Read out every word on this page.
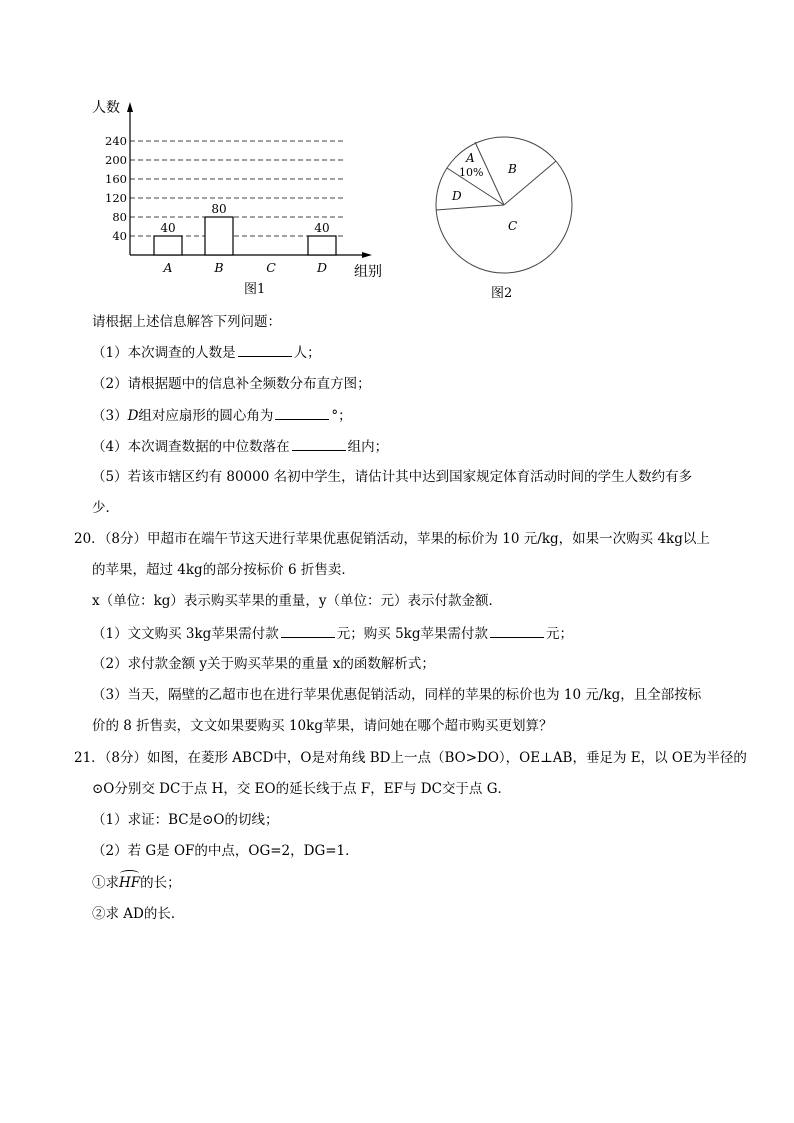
40
80
120
160
200
240
人数
组别
40
A
80
B	C
40
D
图1
A
10% B
C
D
图2
请根据上述信息解答下列问题：
（1）本次调查的人数是	人；
（2）请根据题中的信息补全频数分布直方图；
（3）D组对应扇形的圆心角为	°；
（4）本次调查数据的中位数落在	组内；
（5）若该市辖区约有 80000 名初中学生，请估计其中达到国家规定体育活动时间的学生人数约有多
少．
20．（8分）甲超市在端午节这天进行苹果优惠促销活动，苹果的标价为 10 元/kg，如果一次购买 4kg以上
的苹果，超过 4kg的部分按标价 6 折售卖．
x（单位：kg）表示购买苹果的重量，y（单位：元）表示付款金额．
（1）文文购买 3kg苹果需付款	元；购买 5kg苹果需付款	元；
（2）求付款金额 y关于购买苹果的重量 x的函数解析式；
（3）当天，隔壁的乙超市也在进行苹果优惠促销活动，同样的苹果的标价也为 10 元/kg，且全部按标
价的 8 折售卖，文文如果要购买 10kg苹果，请问她在哪个超市购买更划算？
21．（8分）如图，在菱形 ABCD中，O是对角线 BD上一点（BO>DO），OE⊥AB，垂足为 E，以 OE为半径的
⊙O分别交 DC于点 H，交 EO的延长线于点 F，EF与 DC交于点 G．
（1）求证：BC是⊙O的切线；
（2）若 G是 OF的中点，OG=2，DG=1．
①求HF的长；
②求 AD的长．
